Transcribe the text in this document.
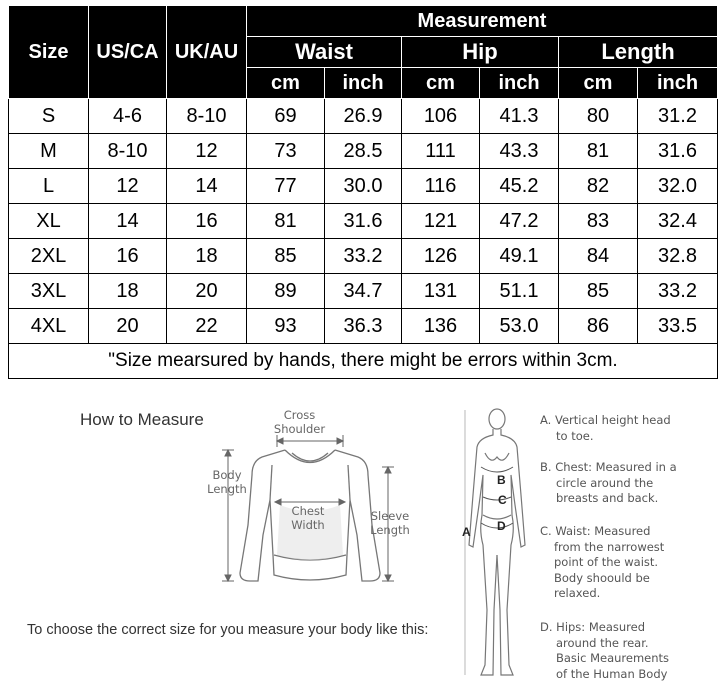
Size	US/CA	UK/AU	Measurement					
			Waist		Hip		Length	
			cm	inch	cm	inch	cm	inch
S	4-6	8-10	69	26.9	106	41.3	80	31.2
M	8-10	12	73	28.5	111	43.3	81	31.6
L	12	14	77	30.0	116	45.2	82	32.0
XL	14	16	81	31.6	121	47.2	83	32.4
2XL	16	18	85	33.2	126	49.1	84	32.8
3XL	18	20	89	34.7	131	51.1	85	33.2
4XL	20	22	93	36.3	136	53.0	86	33.5
"Size mearsured by hands, there might be errors within 3cm.								
How to Measure	Cross
Shoulder
Body
Length
Chest
Width
Sleeve
Length
B
C
D
A
A. Vertical height head
to toe.
B. Chest: Measured in a
circle around the
breasts and back.
C. Waist: Measured
from the narrowest
point of the waist.
Body shoould be
relaxed.
D. Hips: Measured
around the rear.
Basic Meaurements
of the Human Body
To choose the correct size for you measure your body like this:
